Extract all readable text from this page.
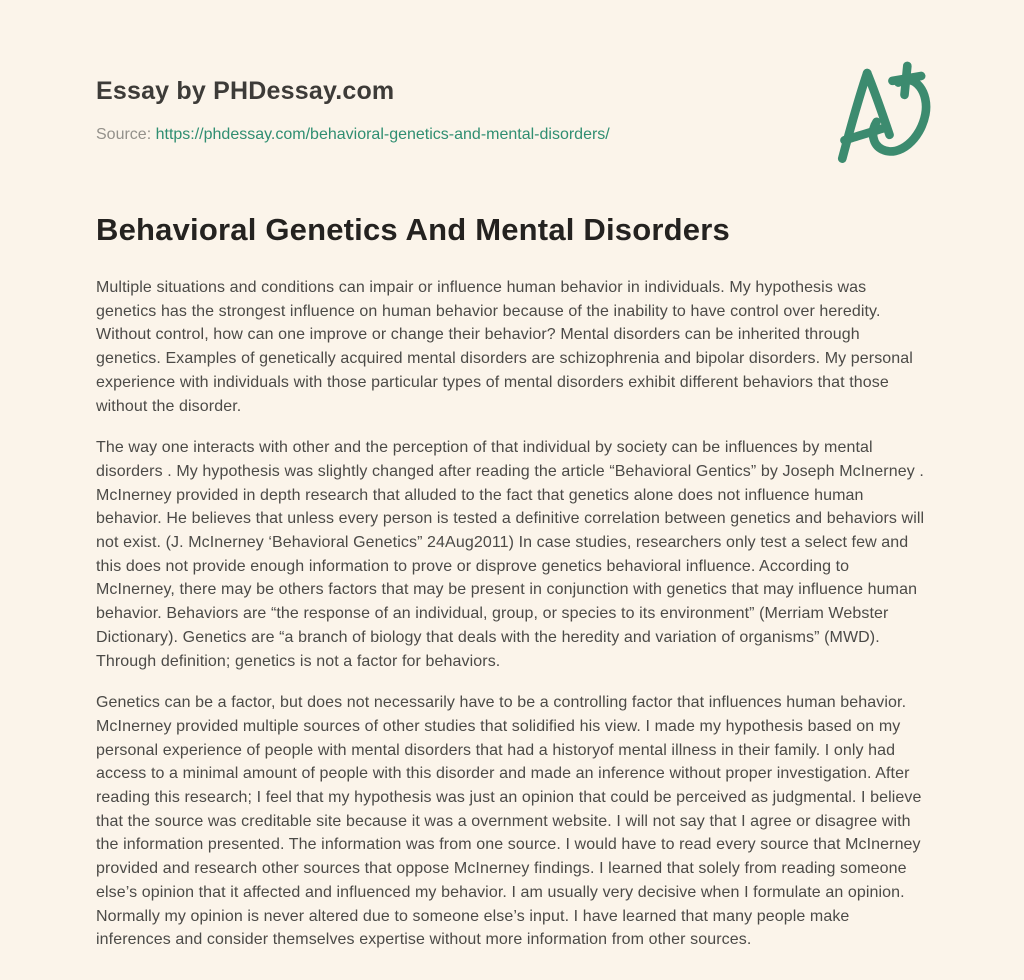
Essay by PHDessay.com
Source: https://phdessay.com/behavioral-genetics-and-mental-disorders/
Behavioral Genetics And Mental Disorders

Multiple situations and conditions can impair or influence human behavior in individuals. My hypothesis was genetics has the strongest influence on human behavior because of the inability to have control over heredity. Without control, how can one improve or change their behavior? Mental disorders can be inherited through genetics. Examples of genetically acquired mental disorders are schizophrenia and bipolar disorders. My personal experience with individuals with those particular types of mental disorders exhibit different behaviors that those without the disorder.

The way one interacts with other and the perception of that individual by society can be influences by mental disorders . My hypothesis was slightly changed after reading the article “Behavioral Gentics” by Joseph McInerney . McInerney provided in depth research that alluded to the fact that genetics alone does not influence human behavior. He believes that unless every person is tested a definitive correlation between genetics and behaviors will not exist. (J. McInerney ‘Behavioral Genetics” 24Aug2011) In case studies, researchers only test a select few and this does not provide enough information to prove or disprove genetics behavioral influence. According to McInerney, there may be others factors that may be present in conjunction with genetics that may influence human behavior. Behaviors are “the response of an individual, group, or species to its environment” (Merriam Webster Dictionary). Genetics are “a branch of biology that deals with the heredity and variation of organisms” (MWD). Through definition; genetics is not a factor for behaviors.

Genetics can be a factor, but does not necessarily have to be a controlling factor that influences human behavior. McInerney provided multiple sources of other studies that solidified his view. I made my hypothesis based on my personal experience of people with mental disorders that had a historyof mental illness in their family. I only had access to a minimal amount of people with this disorder and made an inference without proper investigation. After reading this research; I feel that my hypothesis was just an opinion that could be perceived as judgmental. I believe that the source was creditable site because it was a overnment website. I will not say that I agree or disagree with the information presented. The information was from one source. I would have to read every source that McInerney provided and research other sources that oppose McInerney findings. I learned that solely from reading someone else’s opinion that it affected and influenced my behavior. I am usually very decisive when I formulate an opinion. Normally my opinion is never altered due to someone else’s input. I have learned that many people make inferences and consider themselves expertise without more information from other sources.
